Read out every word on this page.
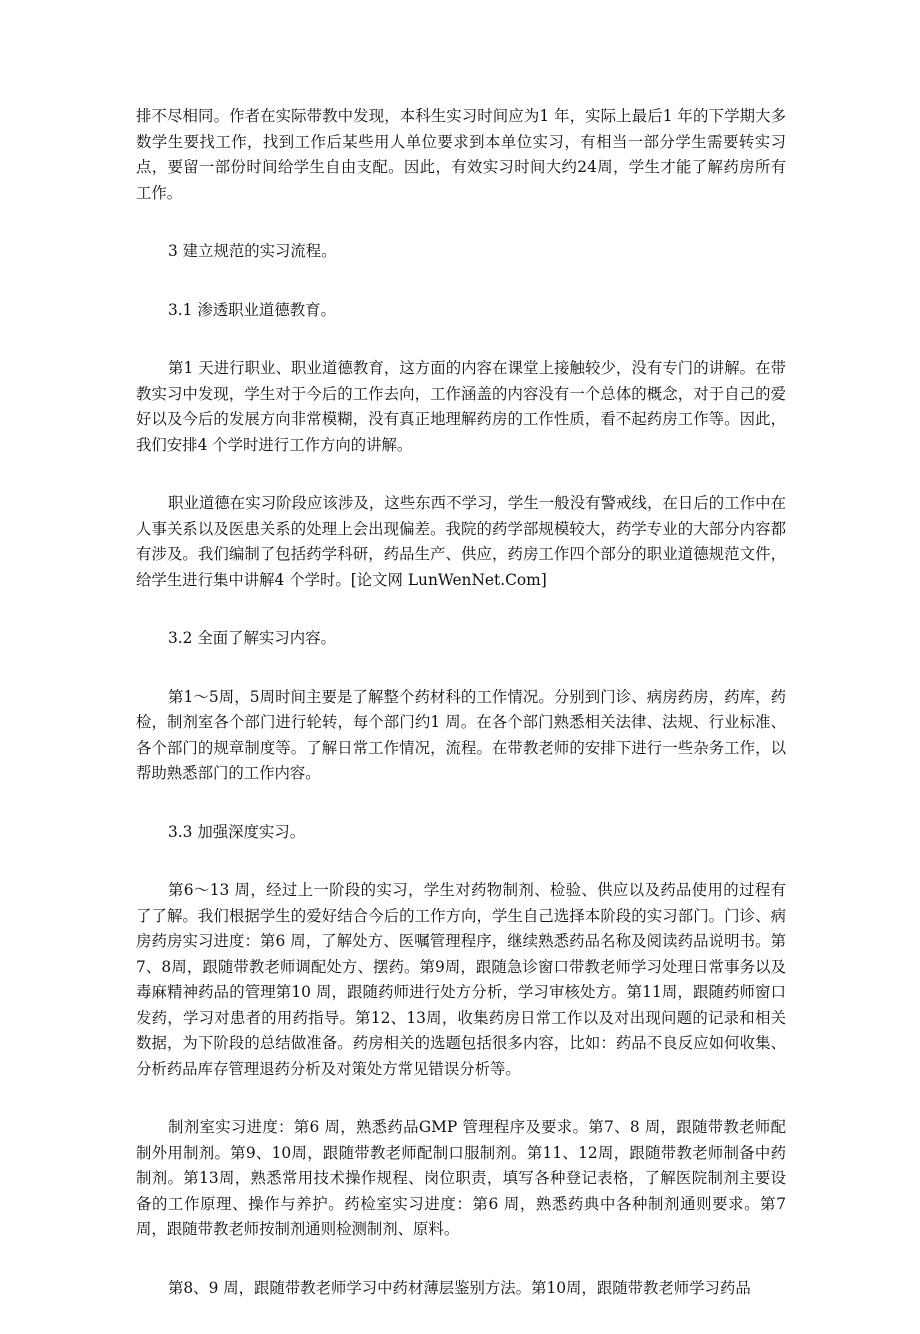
排不尽相同。作者在实际带教中发现，本科生实习时间应为1 年，实际上最后1 年的下学期大多数学生要找工作，找到工作后某些用人单位要求到本单位实习，有相当一部分学生需要转实习点，要留一部份时间给学生自由支配。因此，有效实习时间大约24周，学生才能了解药房所有工作。

3 建立规范的实习流程。

3.1 渗透职业道德教育。

第1 天进行职业、职业道德教育，这方面的内容在课堂上接触较少，没有专门的讲解。在带教实习中发现，学生对于今后的工作去向，工作涵盖的内容没有一个总体的概念，对于自己的爱好以及今后的发展方向非常模糊，没有真正地理解药房的工作性质，看不起药房工作等。因此，我们安排4 个学时进行工作方向的讲解。

职业道德在实习阶段应该涉及，这些东西不学习，学生一般没有警戒线，在日后的工作中在人事关系以及医患关系的处理上会出现偏差。我院的药学部规模较大，药学专业的大部分内容都有涉及。我们编制了包括药学科研，药品生产、供应，药房工作四个部分的职业道德规范文件，给学生进行集中讲解4 个学时。[论文网 LunWenNet.Com]

3.2 全面了解实习内容。

第1～5周，5周时间主要是了解整个药材科的工作情况。分别到门诊、病房药房，药库，药检，制剂室各个部门进行轮转，每个部门约1 周。在各个部门熟悉相关法律、法规、行业标准、各个部门的规章制度等。了解日常工作情况，流程。在带教老师的安排下进行一些杂务工作，以帮助熟悉部门的工作内容。

3.3 加强深度实习。

第6～13 周，经过上一阶段的实习，学生对药物制剂、检验、供应以及药品使用的过程有了了解。我们根据学生的爱好结合今后的工作方向，学生自己选择本阶段的实习部门。门诊、病房药房实习进度：第6 周，了解处方、医嘱管理程序，继续熟悉药品名称及阅读药品说明书。第7、8周，跟随带教老师调配处方、摆药。第9周，跟随急诊窗口带教老师学习处理日常事务以及毒麻精神药品的管理第10 周，跟随药师进行处方分析，学习审核处方。第11周，跟随药师窗口发药，学习对患者的用药指导。第12、13周，收集药房日常工作以及对出现问题的记录和相关数据，为下阶段的总结做准备。药房相关的选题包括很多内容，比如：药品不良反应如何收集、分析药品库存管理退药分析及对策处方常见错误分析等。

制剂室实习进度：第6 周，熟悉药品GMP 管理程序及要求。第7、8 周，跟随带教老师配制外用制剂。第9、10周，跟随带教老师配制口服制剂。第11、12周，跟随带教老师制备中药制剂。第13周，熟悉常用技术操作规程、岗位职责，填写各种登记表格，了解医院制剂主要设备的工作原理、操作与养护。药检室实习进度：第6 周，熟悉药典中各种制剂通则要求。第7 周，跟随带教老师按制剂通则检测制剂、原料。

第8、9 周，跟随带教老师学习中药材薄层鉴别方法。第10周，跟随带教老师学习药品
